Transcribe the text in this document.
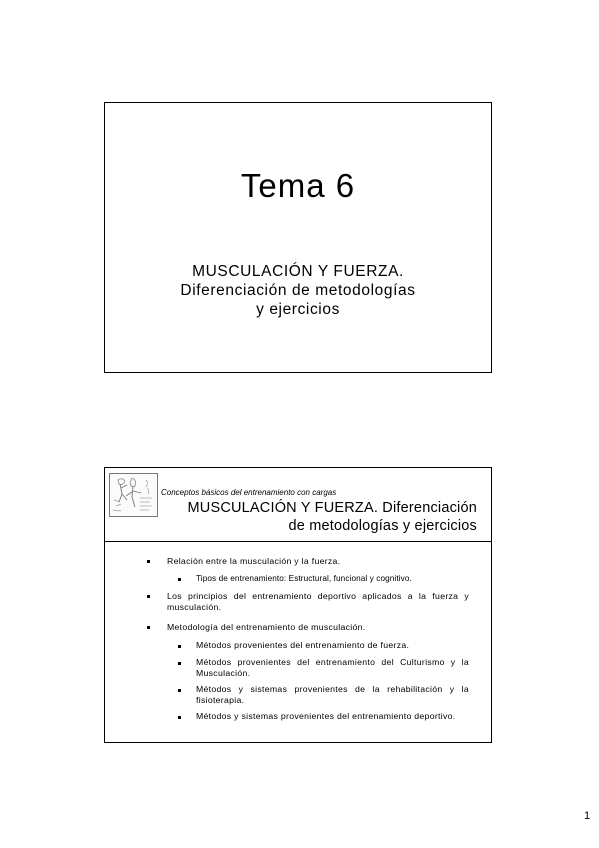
Tema 6
MUSCULACIÓN Y FUERZA.
Diferenciación de metodologías
y ejercicios
Conceptos básicos del entrenamiento con cargas
MUSCULACIÓN Y FUERZA. Diferenciación
de metodologías y ejercicios
Relación entre la musculación y la fuerza.
Tipos de entrenamiento: Estructural, funcional y cognitivo.
Los principios del entrenamiento deportivo aplicados a la fuerza y musculación.
Metodología del entrenamiento de musculación.
Métodos provenientes del entrenamiento de fuerza.
Métodos provenientes del entrenamiento del Culturismo y la Musculación.
Métodos y sistemas provenientes de la rehabilitación y la fisioterapia.
Métodos y sistemas provenientes del entrenamiento deportivo.
1
